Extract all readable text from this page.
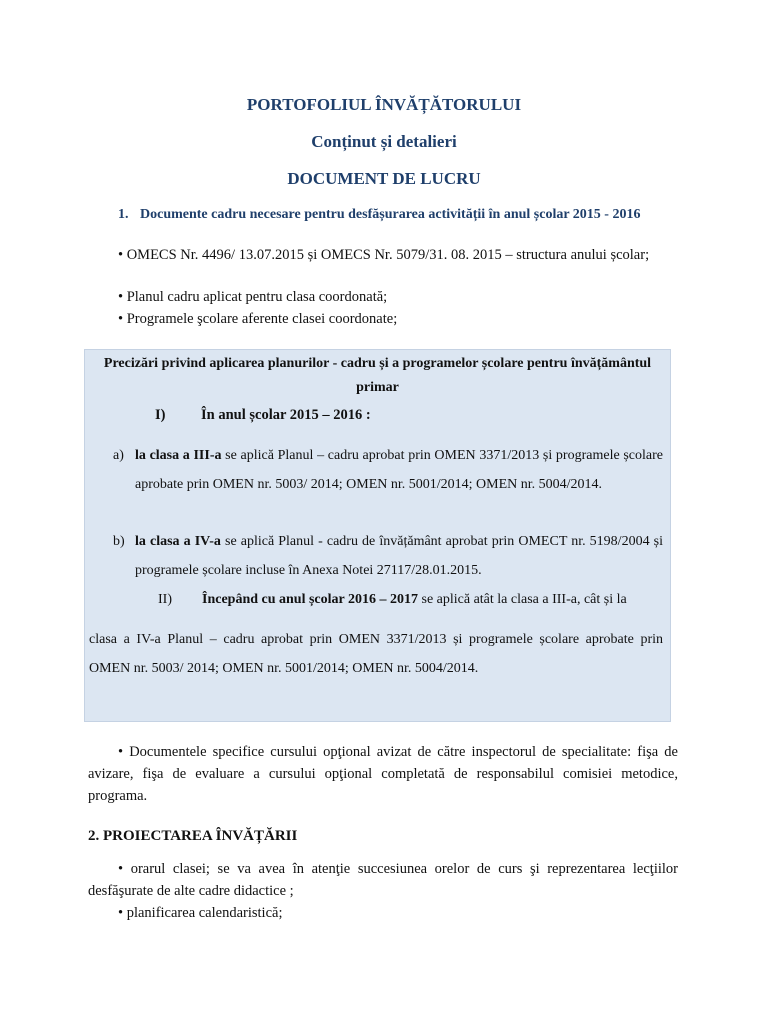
PORTOFOLIUL ÎNVĂȚĂTORULUI
Conținut și detalieri
DOCUMENT DE LUCRU
1. Documente cadru necesare pentru desfășurarea activității în anul școlar 2015 - 2016
• OMECS Nr. 4496/ 13.07.2015 și OMECS Nr. 5079/31. 08. 2015 – structura anului școlar;
• Planul cadru aplicat pentru clasa coordonată;
• Programele şcolare aferente clasei coordonate;
Precizări privind aplicarea planurilor - cadru și a programelor școlare pentru învățământul primar
I) În anul școlar 2015 – 2016 :
a) la clasa a III-a se aplică Planul – cadru aprobat prin OMEN 3371/2013 și programele școlare aprobate prin OMEN nr. 5003/ 2014; OMEN nr. 5001/2014; OMEN nr. 5004/2014.
b) la clasa a IV-a se aplică Planul - cadru de învățământ aprobat prin OMECT nr. 5198/2004 și programele școlare incluse în Anexa Notei 27117/28.01.2015.
II) Începând cu anul școlar 2016 – 2017 se aplică atât la clasa a III-a, cât și la
clasa a IV-a Planul – cadru aprobat prin OMEN 3371/2013 și programele școlare aprobate prin OMEN nr. 5003/ 2014; OMEN nr. 5001/2014; OMEN nr. 5004/2014.
• Documentele specifice cursului opţional avizat de către inspectorul de specialitate: fişa de avizare, fişa de evaluare a cursului opţional completată de responsabilul comisiei metodice, programa.
2. PROIECTAREA ÎNVĂȚĂRII
• orarul clasei; se va avea în atenţie succesiunea orelor de curs şi reprezentarea lecţiilor desfăşurate de alte cadre didactice ;
• planificarea calendaristică;
